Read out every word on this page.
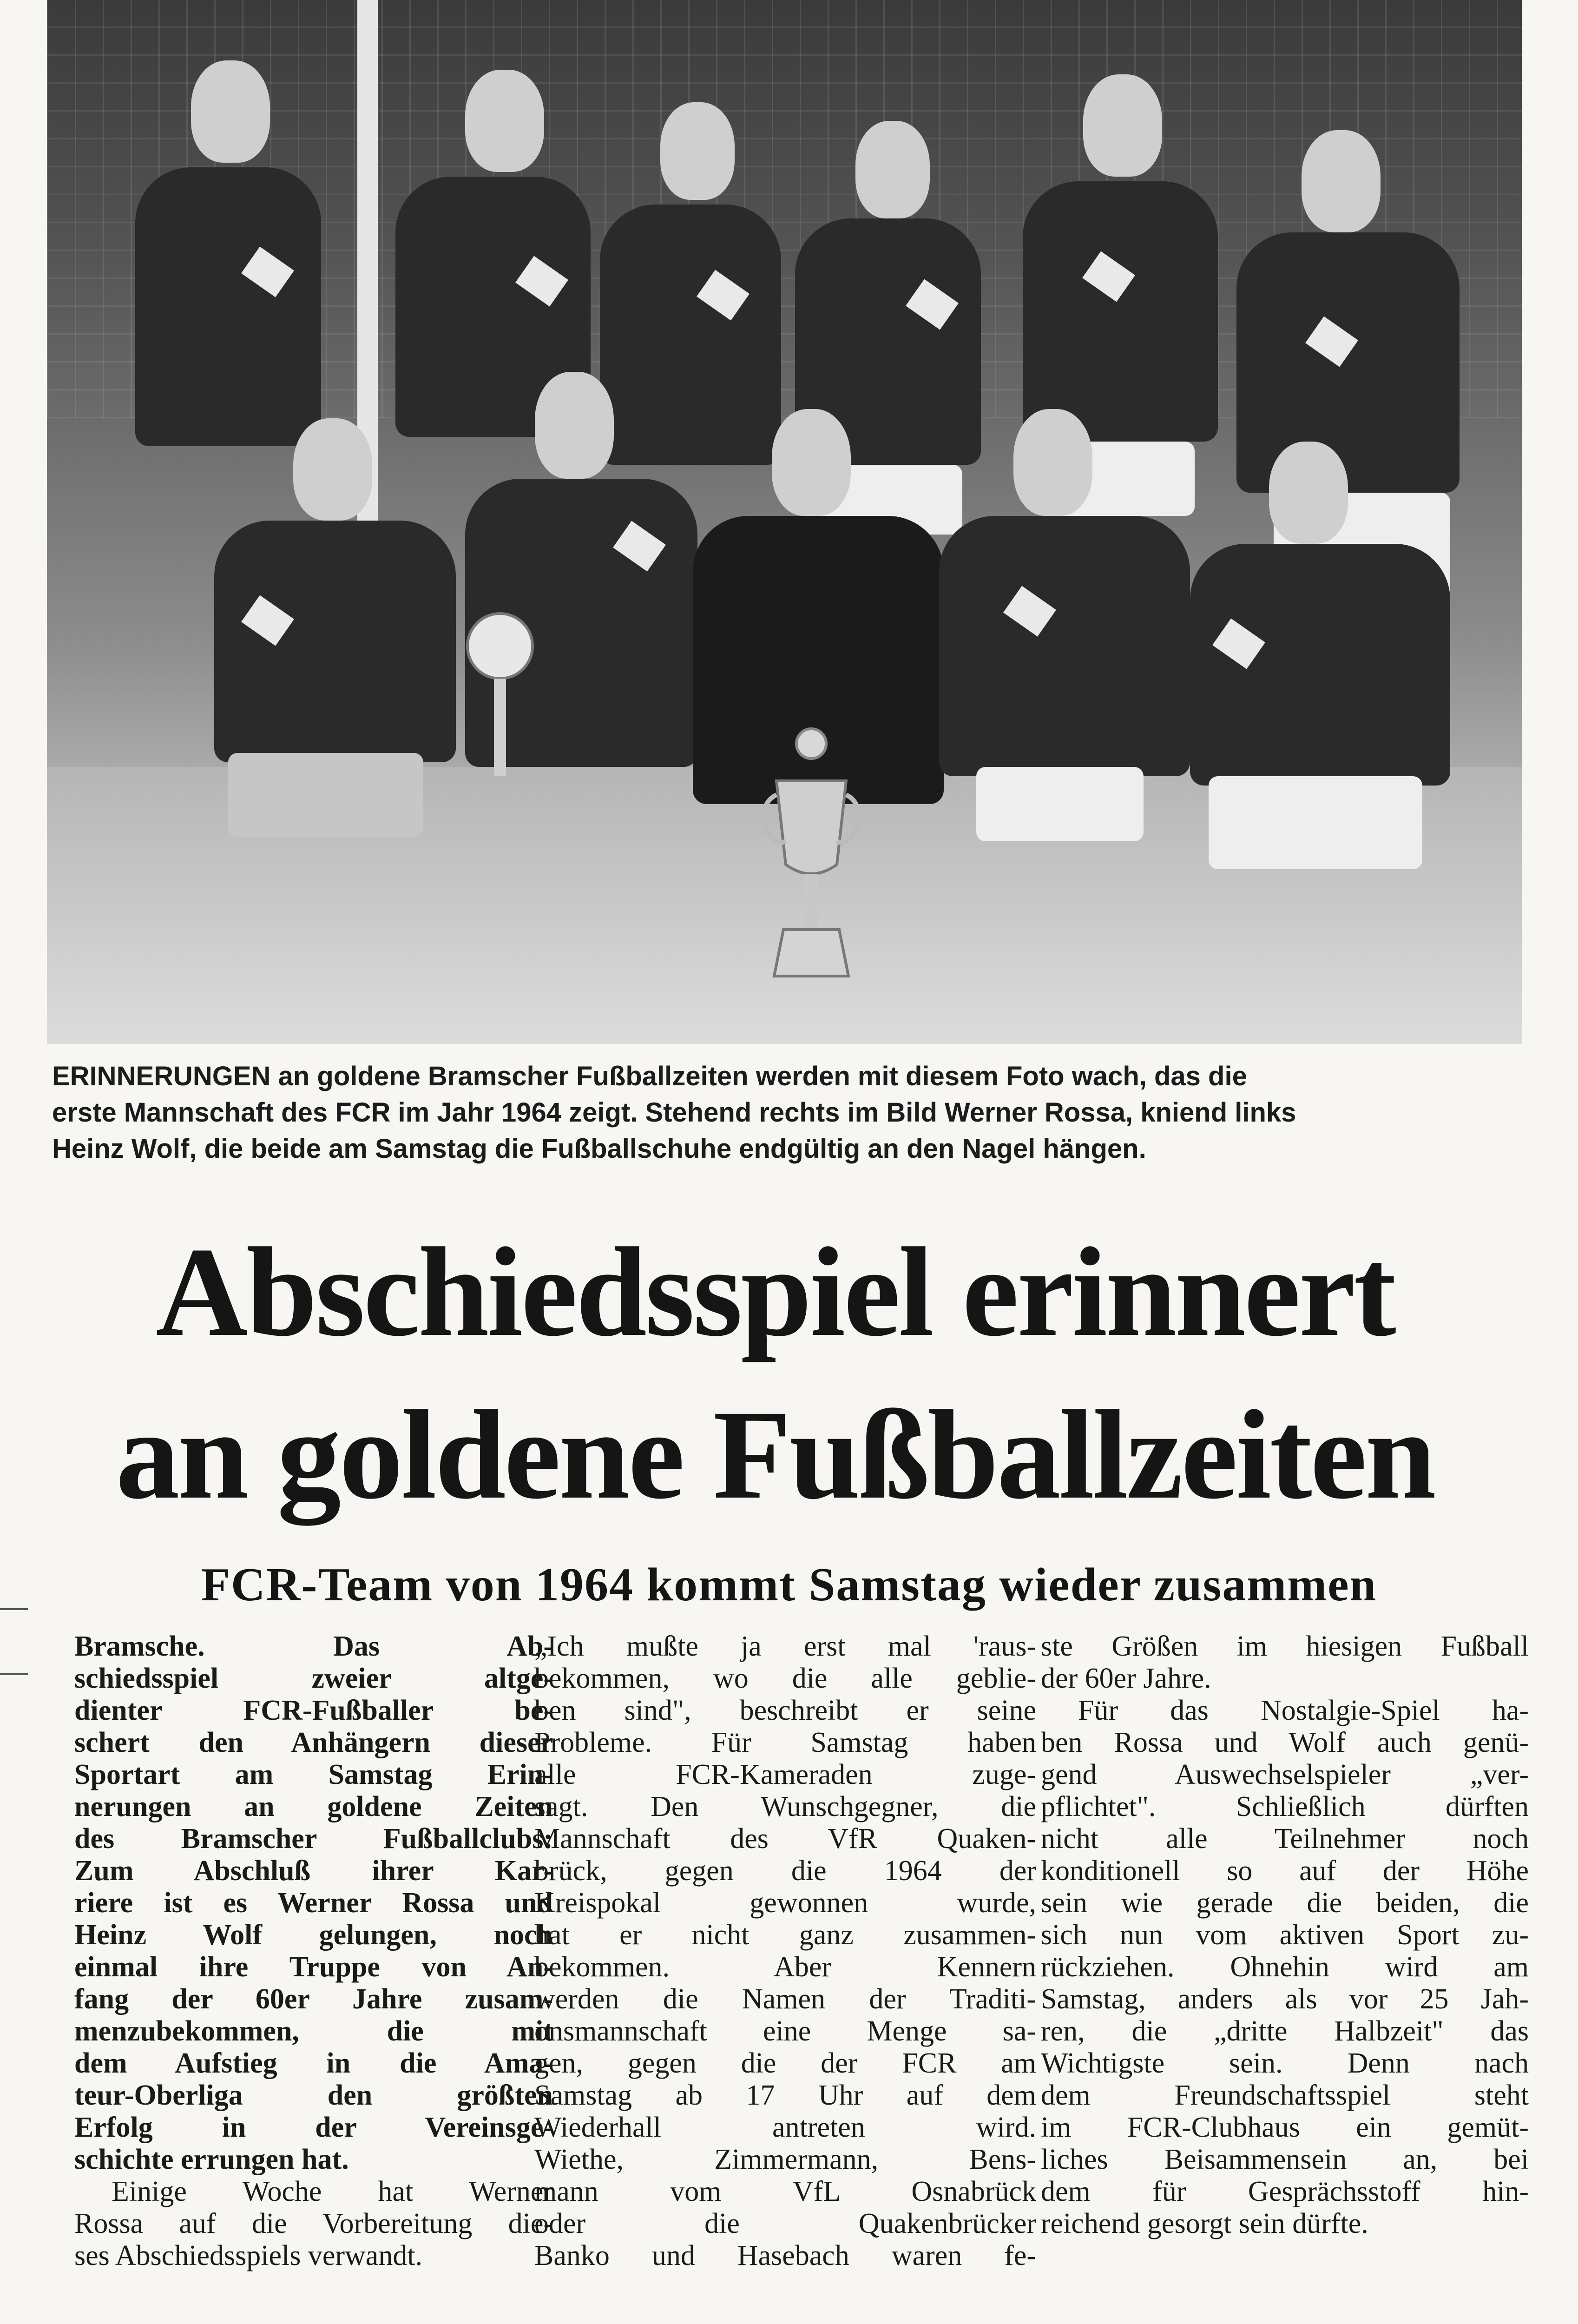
ERINNERUNGEN an goldene Bramscher Fußballzeiten werden mit diesem Foto wach, das die

erste Mannschaft des FCR im Jahr 1964 zeigt. Stehend rechts im Bild Werner Rossa, kniend links

Heinz Wolf, die beide am Samstag die Fußballschuhe endgültig an den Nagel hängen.

Abschiedsspiel erinnert
an goldene Fußballzeiten
FCR-Team von 1964 kommt Samstag wieder zusammen
Bramsche. Das Ab-
schiedsspiel zweier altge-
dienter FCR-Fußballer be-
schert den Anhängern dieser
Sportart am Samstag Erin-
nerungen an goldene Zeiten
des Bramscher Fußballclubs:
Zum Abschluß ihrer Kar-
riere ist es Werner Rossa und
Heinz Wolf gelungen, noch
einmal ihre Truppe von An-
fang der 60er Jahre zusam-
menzubekommen, die mit
dem Aufstieg in die Ama-
teur-Oberliga den größten
Erfolg in der Vereinsge-
schichte errungen hat.
Einige Woche hat Werner
Rossa auf die Vorbereitung die-
ses Abschiedsspiels verwandt.
„Ich mußte ja erst mal 'raus-
bekommen, wo die alle geblie-
ben sind", beschreibt er seine
Probleme. Für Samstag haben
alle FCR-Kameraden zuge-
sagt. Den Wunschgegner, die
Mannschaft des VfR Quaken-
brück, gegen die 1964 der
Kreispokal gewonnen wurde,
hat er nicht ganz zusammen-
bekommen. Aber Kennern
werden die Namen der Traditi-
onsmannschaft eine Menge sa-
gen, gegen die der FCR am
Samstag ab 17 Uhr auf dem
Wiederhall antreten wird.
Wiethe, Zimmermann, Bens-
mann vom VfL Osnabrück
oder die Quakenbrücker
Banko und Hasebach waren fe-
ste Größen im hiesigen Fußball
der 60er Jahre.
Für das Nostalgie-Spiel ha-
ben Rossa und Wolf auch genü-
gend Auswechselspieler „ver-
pflichtet". Schließlich dürften
nicht alle Teilnehmer noch
konditionell so auf der Höhe
sein wie gerade die beiden, die
sich nun vom aktiven Sport zu-
rückziehen. Ohnehin wird am
Samstag, anders als vor 25 Jah-
ren, die „dritte Halbzeit" das
Wichtigste sein. Denn nach
dem Freundschaftsspiel steht
im FCR-Clubhaus ein gemüt-
liches Beisammensein an, bei
dem für Gesprächsstoff hin-
reichend gesorgt sein dürfte.
